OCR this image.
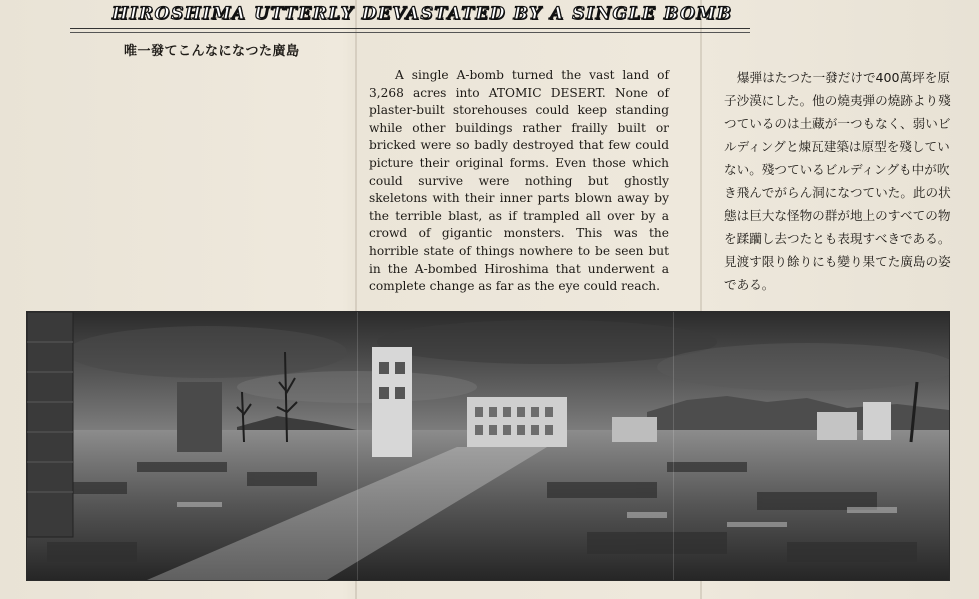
HIROSHIMA UTTERLY DEVASTATED BY A SINGLE BOMB
唯一發てこんなになつた廣島
A single A-bomb turned the vast land of 3,268 acres into ATOMIC DESERT. None of plaster-built storehouses could keep standing while other buildings rather frailly built or bricked were so badly destroyed that few could picture their original forms. Even those which could survive were nothing but ghostly skeletons with their inner parts blown away by the terrible blast, as if trampled all over by a crowd of gigantic monsters. This was the horrible state of things nowhere to be seen but in the A-bombed Hiroshima that underwent a complete change as far as the eye could reach.
爆弾はたつた一發だけで400萬坪を原子沙漠にした。他の燒夷弾の燒跡より殘つているのは土藏が一つもなく、弱いビルディングと煉瓦建築は原型を殘していない。殘つているビルディングも中が吹き飛んでがらん洞になつていた。此の状態は巨大な怪物の群が地上のすべての物を蹂躪し去つたとも表現すべきである。見渡す限り餘りにも變り果てた廣島の姿である。
